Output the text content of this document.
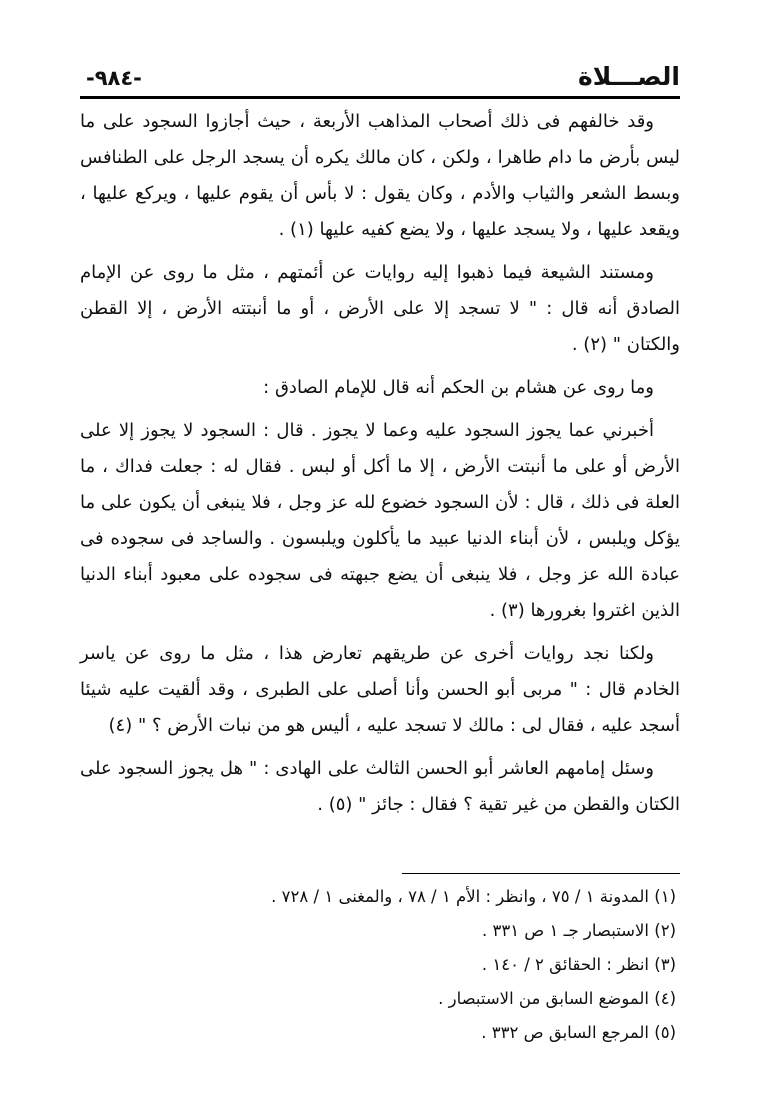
الصـــلاة
-٩٨٤-

وقد خالفهم فى ذلك أصحاب المذاهب الأربعة ، حيث أجازوا السجود على ما ليس بأرض ما دام طاهرا ، ولكن ، كان مالك يكره أن يسجد الرجل على الطنافس وبسط الشعر والثياب والأدم ، وكان يقول : لا بأس أن يقوم عليها ، ويركع عليها ، ويقعد عليها ، ولا يسجد عليها ، ولا يضع كفيه عليها (١) .

ومستند الشيعة فيما ذهبوا إليه روايات عن أئمتهم ، مثل ما روى عن الإمام الصادق أنه قال : " لا تسجد إلا على الأرض ، أو ما أنبتته الأرض ، إلا القطن والكتان " (٢) .

وما روى عن هشام بن الحكم أنه قال للإمام الصادق :

أخبرني عما يجوز السجود عليه وعما لا يجوز . قال : السجود لا يجوز إلا على الأرض أو على ما أنبتت الأرض ، إلا ما أكل أو لبس . فقال له : جعلت فداك ، ما العلة فى ذلك ، قال : لأن السجود خضوع لله عز وجل ، فلا ينبغى أن يكون على ما يؤكل ويلبس ، لأن أبناء الدنيا عبيد ما يأكلون ويلبسون . والساجد فى سجوده فى عبادة الله عز وجل ، فلا ينبغى أن يضع جبهته فى سجوده على معبود أبناء الدنيا الذين اغتروا بغرورها (٣) .

ولكنا نجد روايات أخرى عن طريقهم تعارض هذا ، مثل ما روى عن ياسر الخادم قال : " مربى أبو الحسن وأنا أصلى على الطبرى ، وقد ألقيت عليه شيئا أسجد عليه ، فقال لى : مالك لا تسجد عليه ، أليس هو من نبات الأرض ؟ " (٤)

وسئل إمامهم العاشر أبو الحسن الثالث على الهادى : " هل يجوز السجود على الكتان والقطن من غير تقية ؟ فقال : جائز " (٥) .

(١) المدونة ١ / ٧٥ ، وانظر : الأم ١ / ٧٨ ، والمغنى ١ / ٧٢٨ .

(٢) الاستبصار جـ ١ ص ٣٣١ .

(٣) انظر : الحقائق ٢ / ١٤٠ .

(٤) الموضع السابق من الاستبصار .

(٥) المرجع السابق ص ٣٣٢ .
